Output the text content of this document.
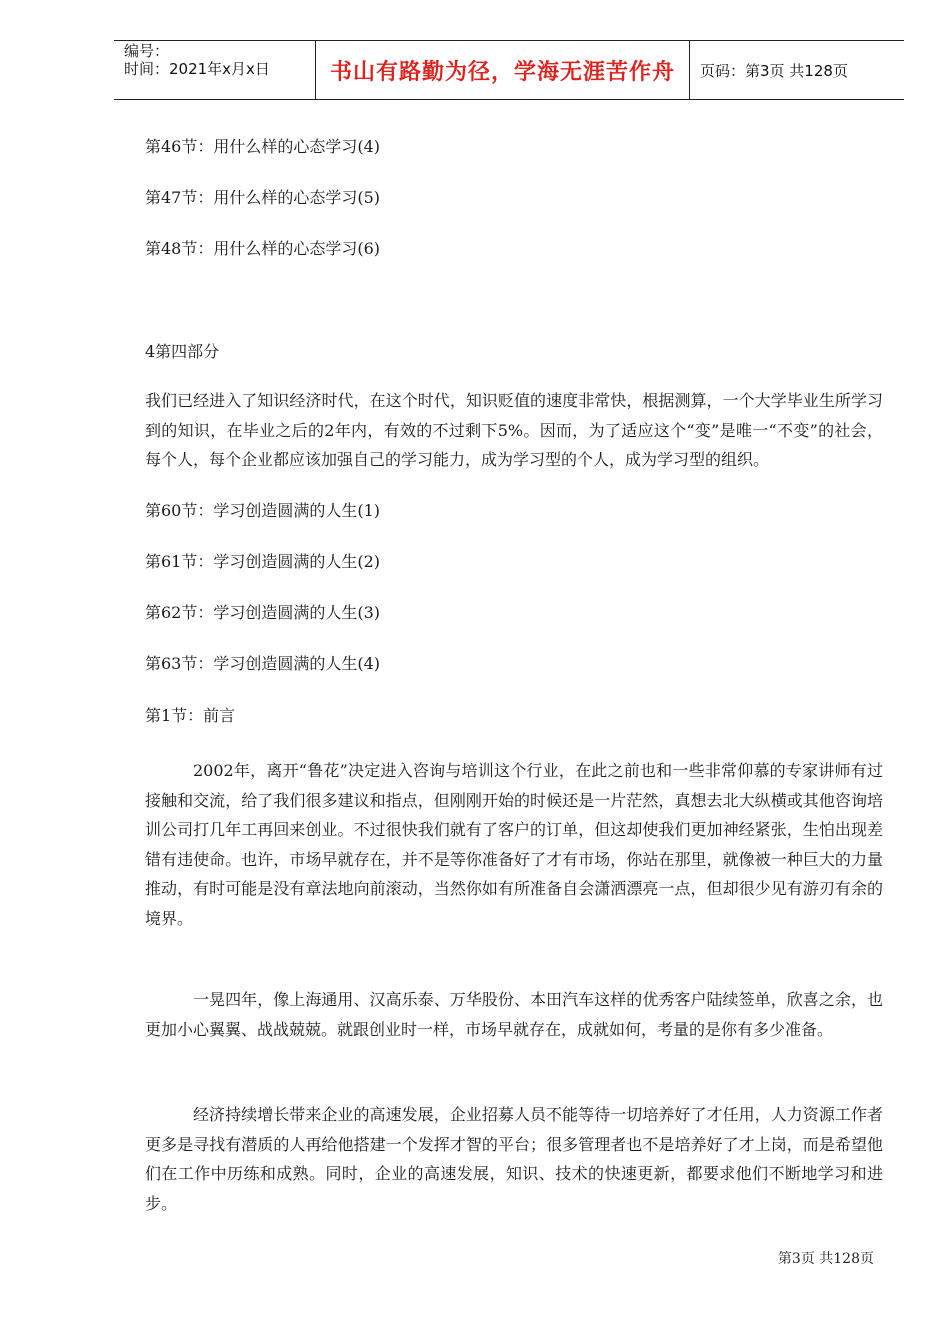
编号：
时间：2021年x月x日	书山有路勤为径，学海无涯苦作舟	页码：第3页 共128页
第46节：用什么样的心态学习(4)
第47节：用什么样的心态学习(5)
第48节：用什么样的心态学习(6)
4第四部分
我们已经进入了知识经济时代，在这个时代，知识贬值的速度非常快，根据测算，一个大学毕业生所学习到的知识，在毕业之后的2年内，有效的不过剩下5%。因而，为了适应这个“变”是唯一“不变”的社会，每个人，每个企业都应该加强自己的学习能力，成为学习型的个人，成为学习型的组织。
第60节：学习创造圆满的人生(1)
第61节：学习创造圆满的人生(2)
第62节：学习创造圆满的人生(3)
第63节：学习创造圆满的人生(4)
第1节：前言
2002年，离开“鲁花”决定进入咨询与培训这个行业，在此之前也和一些非常仰慕的专家讲师有过接触和交流，给了我们很多建议和指点，但刚刚开始的时候还是一片茫然，真想去北大纵横或其他咨询培训公司打几年工再回来创业。不过很快我们就有了客户的订单，但这却使我们更加神经紧张，生怕出现差错有违使命。也许，市场早就存在，并不是等你准备好了才有市场，你站在那里，就像被一种巨大的力量推动，有时可能是没有章法地向前滚动，当然你如有所准备自会潇洒漂亮一点，但却很少见有游刃有余的境界。
一晃四年，像上海通用、汉高乐泰、万华股份、本田汽车这样的优秀客户陆续签单，欣喜之余，也更加小心翼翼、战战兢兢。就跟创业时一样，市场早就存在，成就如何，考量的是你有多少准备。
经济持续增长带来企业的高速发展，企业招募人员不能等待一切培养好了才任用，人力资源工作者更多是寻找有潜质的人再给他搭建一个发挥才智的平台；很多管理者也不是培养好了才上岗，而是希望他们在工作中历练和成熟。同时，企业的高速发展，知识、技术的快速更新，都要求他们不断地学习和进步。
第3页 共128页
